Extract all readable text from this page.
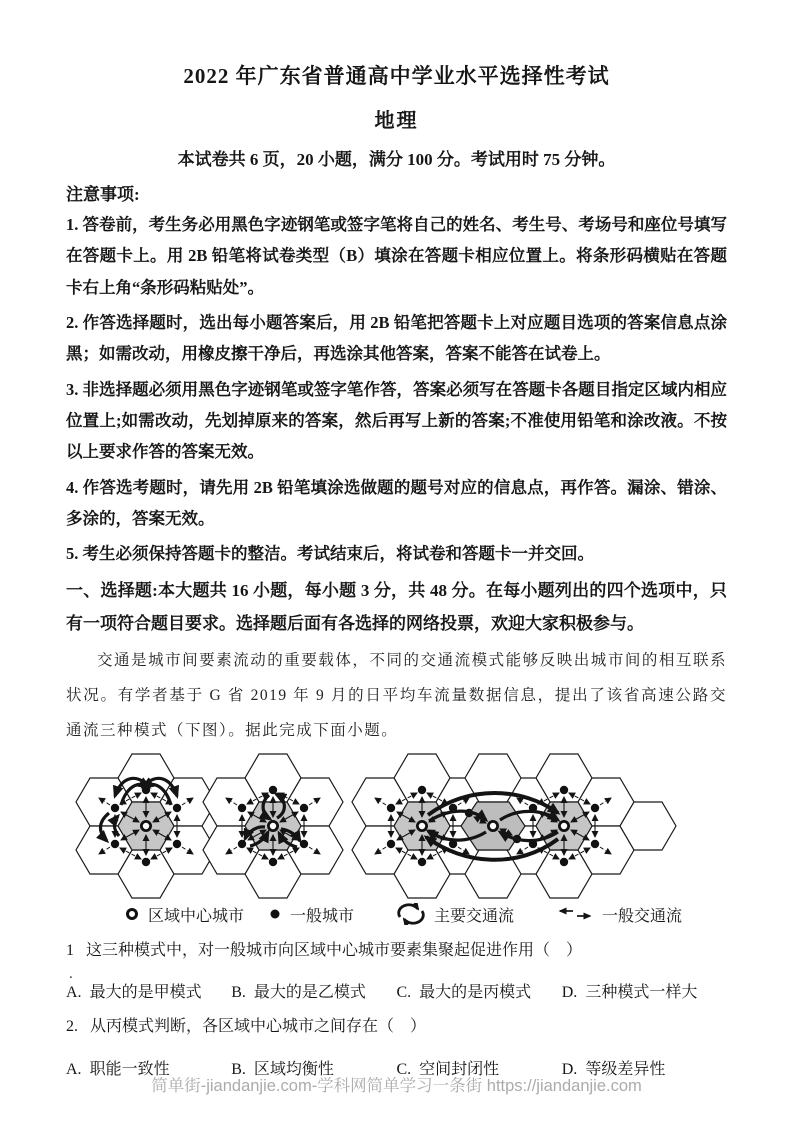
2022 年广东省普通高中学业水平选择性考试
地理

本试卷共 6 页，20 小题，满分 100 分。考试用时 75 分钟。

注意事项:

1. 答卷前，考生务必用黑色字迹钢笔或签字笔将自己的姓名、考生号、考场号和座位号填写在答题卡上。用 2B 铅笔将试卷类型（B）填涂在答题卡相应位置上。将条形码横贴在答题卡右上角“条形码粘贴处”。

2. 作答选择题时，选出每小题答案后，用 2B 铅笔把答题卡上对应题目选项的答案信息点涂黑；如需改动，用橡皮擦干净后，再选涂其他答案，答案不能答在试卷上。

3. 非选择题必须用黑色字迹钢笔或签字笔作答，答案必须写在答题卡各题目指定区域内相应位置上;如需改动，先划掉原来的答案，然后再写上新的答案;不准使用铅笔和涂改液。不按以上要求作答的答案无效。

4. 作答选考题时，请先用 2B 铅笔填涂选做题的题号对应的信息点，再作答。漏涂、错涂、多涂的，答案无效。

5. 考生必须保持答题卡的整洁。考试结束后，将试卷和答题卡一并交回。

一、选择题:本大题共 16 小题，每小题 3 分，共 48 分。在每小题列出的四个选项中，只有一项符合题目要求。选择题后面有各选择的网络投票，欢迎大家积极参与。

交通是城市间要素流动的重要载体，不同的交通流模式能够反映出城市间的相互联系状况。有学者基于 G 省 2019 年 9 月的日平均车流量数据信息，提出了该省高速公路交通流三种模式（下图）。据此完成下面小题。

区域中心城市	一般城市	主要交通流	一般交通流

1
.
这三种模式中，对一般城市向区域中心城市要素集聚起促进作用（　）

A. 最大的是甲模式 B. 最大的是乙模式 C. 最大的是丙模式 D. 三种模式一样大

2. 从丙模式判断，各区域中心城市之间存在（　）

A. 职能一致性	B. 区域均衡性	C. 空间封闭性	D. 等级差异性
简单街-jiandanjie.com-学科网简单学习一条街 https://jiandanjie.com
